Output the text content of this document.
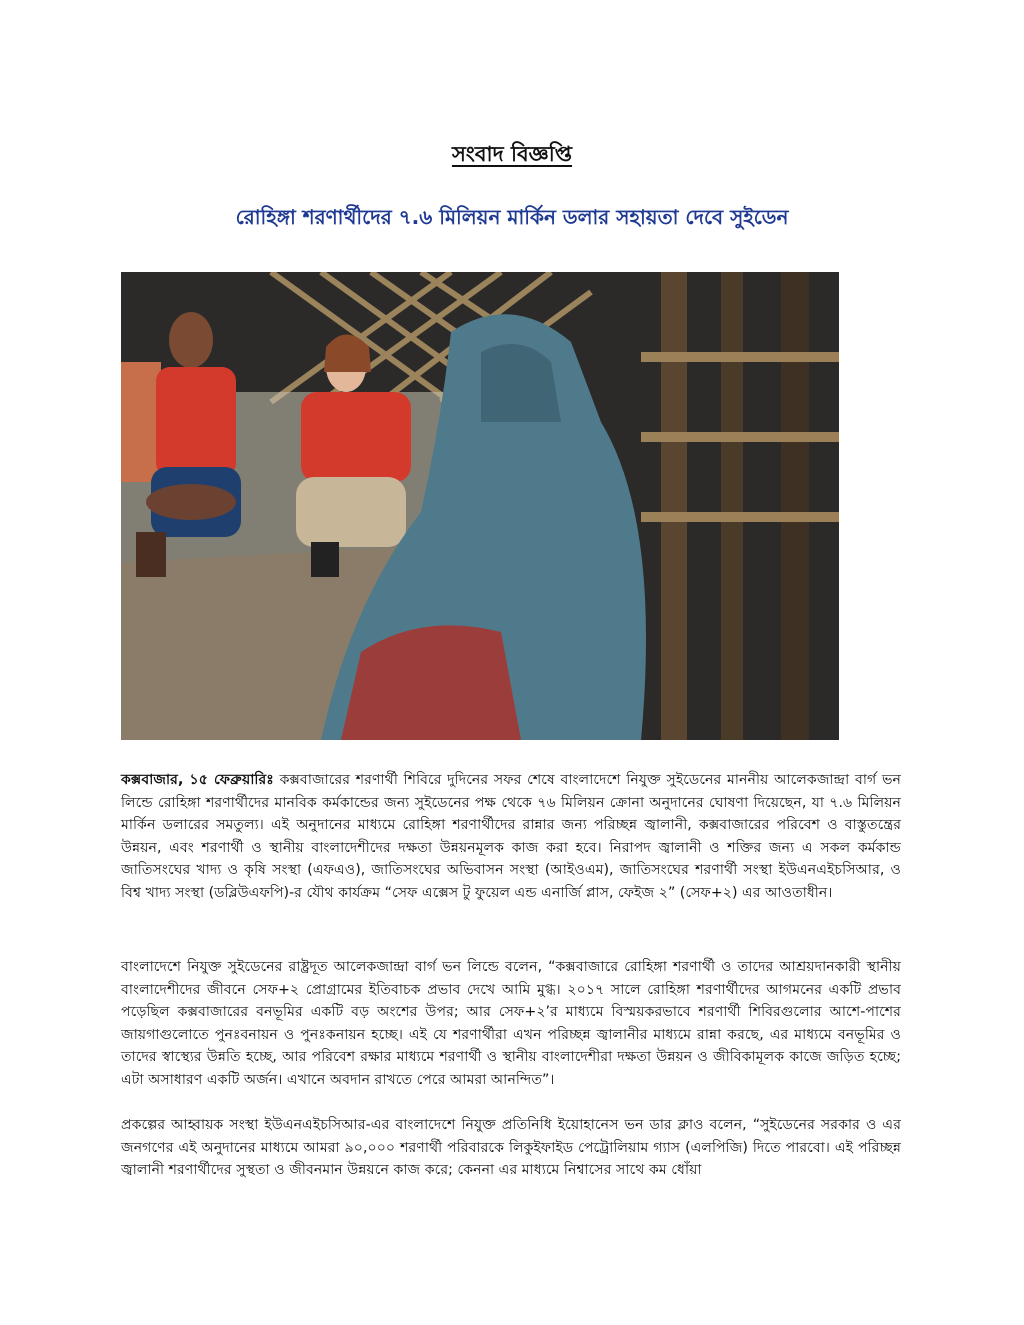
সংবাদ বিজ্ঞপ্তি
রোহিঙ্গা শরণার্থীদের ৭.৬ মিলিয়ন মার্কিন ডলার সহায়তা দেবে সুইডেন

কক্সবাজার, ১৫ ফেব্রুয়ারিঃ কক্সবাজারের শরণার্থী শিবিরে দুদিনের সফর শেষে বাংলাদেশে নিযুক্ত সুইডেনের মাননীয় আলেকজান্দ্রা বার্গ ভন লিন্ডে রোহিঙ্গা শরণার্থীদের মানবিক কর্মকান্ডের জন্য সুইডেনের পক্ষ থেকে ৭৬ মিলিয়ন ক্রোনা অনুদানের ঘোষণা দিয়েছেন, যা ৭.৬ মিলিয়ন মার্কিন ডলারের সমতুল্য। এই অনুদানের মাধ্যমে রোহিঙ্গা শরণার্থীদের রান্নার জন্য পরিচ্ছন্ন জ্বালানী, কক্সবাজারের পরিবেশ ও বাস্তুতন্ত্রের উন্নয়ন, এবং শরণার্থী ও স্থানীয় বাংলাদেশীদের দক্ষতা উন্নয়নমূলক কাজ করা হবে। নিরাপদ জ্বালানী ও শক্তির জন্য এ সকল কর্মকান্ড জাতিসংঘের খাদ্য ও কৃষি সংস্থা (এফএও), জাতিসংঘের অভিবাসন সংস্থা (আইওএম), জাতিসংঘের শরণার্থী সংস্থা ইউএনএইচসিআর, ও বিশ্ব খাদ্য সংস্থা (ডব্লিউএফপি)-র যৌথ কার্যক্রম “সেফ এক্সেস টু ফুয়েল এন্ড এনার্জি প্লাস, ফেইজ ২” (সেফ+২) এর আওতাধীন।

বাংলাদেশে নিযুক্ত সুইডেনের রাষ্ট্রদূত আলেকজান্দ্রা বার্গ ভন লিন্ডে বলেন, “কক্সবাজারে রোহিঙ্গা শরণার্থী ও তাদের আশ্রয়দানকারী স্থানীয় বাংলাদেশীদের জীবনে সেফ+২ প্রোগ্রামের ইতিবাচক প্রভাব দেখে আমি মুগ্ধ। ২০১৭ সালে রোহিঙ্গা শরণার্থীদের আগমনের একটি প্রভাব পড়েছিল কক্সবাজারের বনভূমির একটি বড় অংশের উপর; আর সেফ+২’র মাধ্যমে বিস্ময়করভাবে শরণার্থী শিবিরগুলোর আশে-পাশের জায়গাগুলোতে পুনঃবনায়ন ও পুনঃকনায়ন হচ্ছে। এই যে শরণার্থীরা এখন পরিচ্ছন্ন জ্বালানীর মাধ্যমে রান্না করছে, এর মাধ্যমে বনভূমির ও তাদের স্বাস্থ্যের উন্নতি হচ্ছে, আর পরিবেশ রক্ষার মাধ্যমে শরণার্থী ও স্থানীয় বাংলাদেশীরা দক্ষতা উন্নয়ন ও জীবিকামূলক কাজে জড়িত হচ্ছে; এটা অসাধারণ একটি অর্জন। এখানে অবদান রাখতে পেরে আমরা আনন্দিত”।

প্রকল্পের আহ্বায়ক সংস্থা ইউএনএইচসিআর-এর বাংলাদেশে নিযুক্ত প্রতিনিধি ইয়োহানেস ভন ডার ক্লাও বলেন, “সুইডেনের সরকার ও এর জনগণের এই অনুদানের মাধ্যমে আমরা ৯০,০০০ শরণার্থী পরিবারকে লিকুইফাইড পেট্রোলিয়াম গ্যাস (এলপিজি) দিতে পারবো। এই পরিচ্ছন্ন জ্বালানী শরণার্থীদের সুস্থতা ও জীবনমান উন্নয়নে কাজ করে; কেননা এর মাধ্যমে নিশ্বাসের সাথে কম ধোঁয়া
